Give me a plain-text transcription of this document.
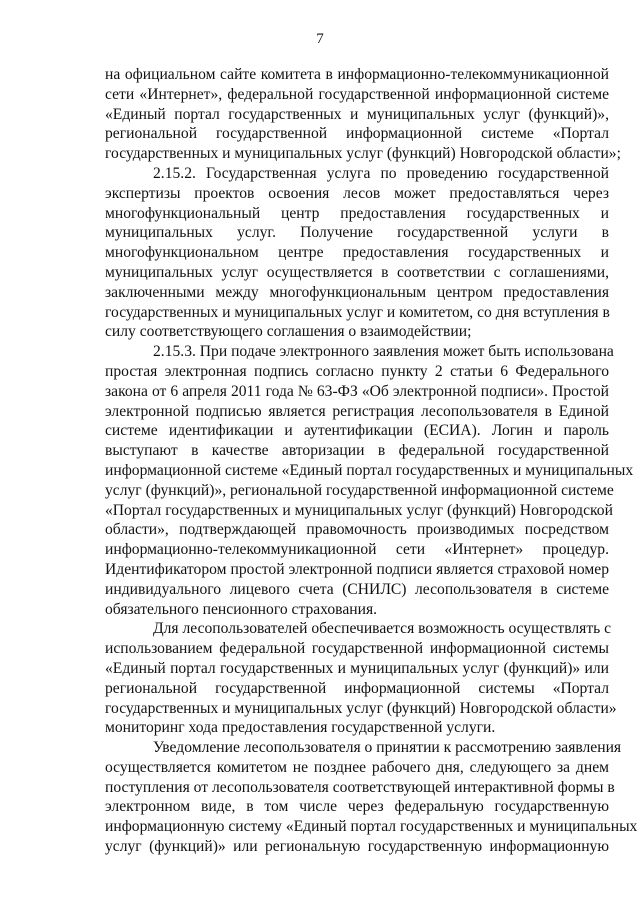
7
на официальном сайте комитета в информационно-телекоммуникационной
сети «Интернет», федеральной государственной информационной системе
«Единый портал государственных и муниципальных услуг (функций)»,
региональной государственной информационной системе «Портал
государственных и муниципальных услуг (функций) Новгородской области»;
2.15.2. Государственная услуга по проведению государственной
экспертизы проектов освоения лесов может предоставляться через
многофункциональный центр предоставления государственных и
муниципальных услуг. Получение государственной услуги в
многофункциональном центре предоставления государственных и
муниципальных услуг осуществляется в соответствии с соглашениями,
заключенными между многофункциональным центром предоставления
государственных и муниципальных услуг и комитетом, со дня вступления в
силу соответствующего соглашения о взаимодействии;
2.15.3. При подаче электронного заявления может быть использована
простая электронная подпись согласно пункту 2 статьи 6 Федерального
закона от 6 апреля 2011 года № 63-ФЗ «Об электронной подписи». Простой
электронной подписью является регистрация лесопользователя в Единой
системе идентификации и аутентификации (ЕСИА). Логин и пароль
выступают в качестве авторизации в федеральной государственной
информационной системе «Единый портал государственных и муниципальных
услуг (функций)», региональной государственной информационной системе
«Портал государственных и муниципальных услуг (функций) Новгородской
области», подтверждающей правомочность производимых посредством
информационно-телекоммуникационной сети «Интернет» процедур.
Идентификатором простой электронной подписи является страховой номер
индивидуального лицевого счета (СНИЛС) лесопользователя в системе
обязательного пенсионного страхования.
Для лесопользователей обеспечивается возможность осуществлять с
использованием федеральной государственной информационной системы
«Единый портал государственных и муниципальных услуг (функций)» или
региональной государственной информационной системы «Портал
государственных и муниципальных услуг (функций) Новгородской области»
мониторинг хода предоставления государственной услуги.
Уведомление лесопользователя о принятии к рассмотрению заявления
осуществляется комитетом не позднее рабочего дня, следующего за днем
поступления от лесопользователя соответствующей интерактивной формы в
электронном виде, в том числе через федеральную государственную
информационную систему «Единый портал государственных и муниципальных
услуг (функций)» или региональную государственную информационную
